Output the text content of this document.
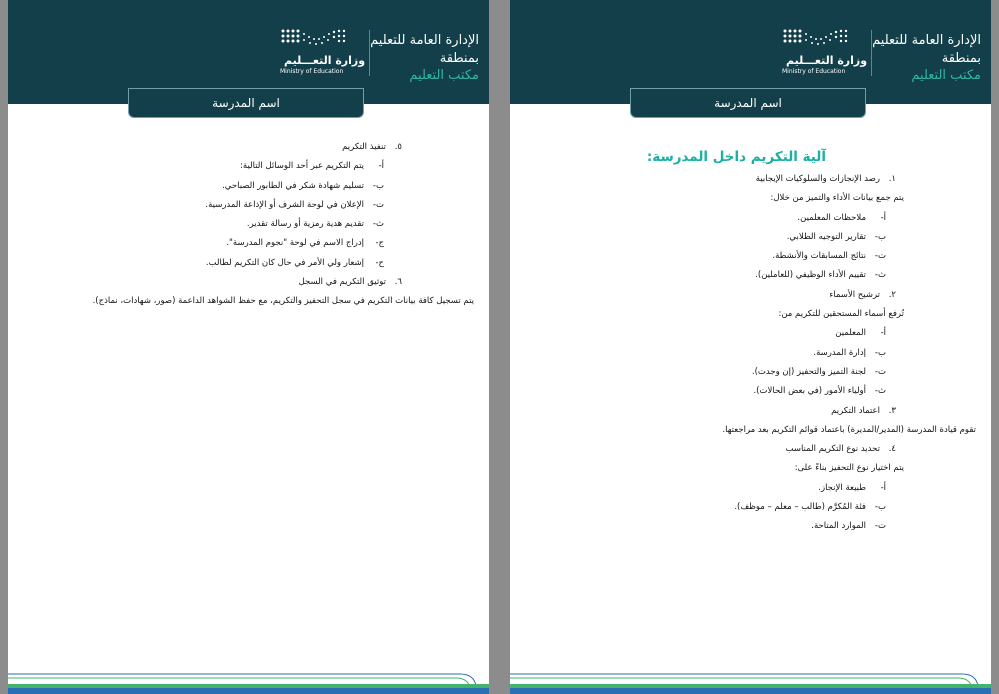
وزارة التعـــليم
Ministry of Education
الإدارة العامة للتعليم
بمنطقة
مكتب التعليم
اسم المدرسة
٥.تنفيذ التكريم
أ-يتم التكريم عبر أحد الوسائل التالية:
ب-تسليم شهادة شكر في الطابور الصباحي.
ت-الإعلان في لوحة الشرف أو الإذاعة المدرسية.
ث-تقديم هدية رمزية أو رسالة تقدير.
ج-إدراج الاسم في لوحة "نجوم المدرسة".
ح-إشعار ولي الأمر في حال كان التكريم لطالب.
٦.توثيق التكريم في السجل
يتم تسجيل كافة بيانات التكريم في سجل التحفيز والتكريم، مع حفظ الشواهد الداعمة (صور، شهادات، نماذج).
وزارة التعـــليم
Ministry of Education
الإدارة العامة للتعليم
بمنطقة
مكتب التعليم
اسم المدرسة
آلية التكريم داخل المدرسة:
١.رصد الإنجازات والسلوكيات الإيجابية
يتم جمع بيانات الأداء والتميز من خلال:
أ-ملاحظات المعلمين.
ب-تقارير التوجيه الطلابي.
ت-نتائج المسابقات والأنشطة.
ث-تقييم الأداء الوظيفي (للعاملين).
٢.ترشيح الأسماء
تُرفع أسماء المستحقين للتكريم من:
أ-المعلمين
ب-إدارة المدرسة.
ت-لجنة التميز والتحفيز (إن وجدت).
ث-أولياء الأمور (في بعض الحالات).
٣.اعتماد التكريم
تقوم قيادة المدرسة (المدير/المديرة) باعتماد قوائم التكريم بعد مراجعتها.
٤.تحديد نوع التكريم المناسب
يتم اختيار نوع التحفيز بناءً على:
أ-طبيعة الإنجاز.
ب-فئة المُكرَّم (طالب – معلم – موظف).
ت-الموارد المتاحة.
